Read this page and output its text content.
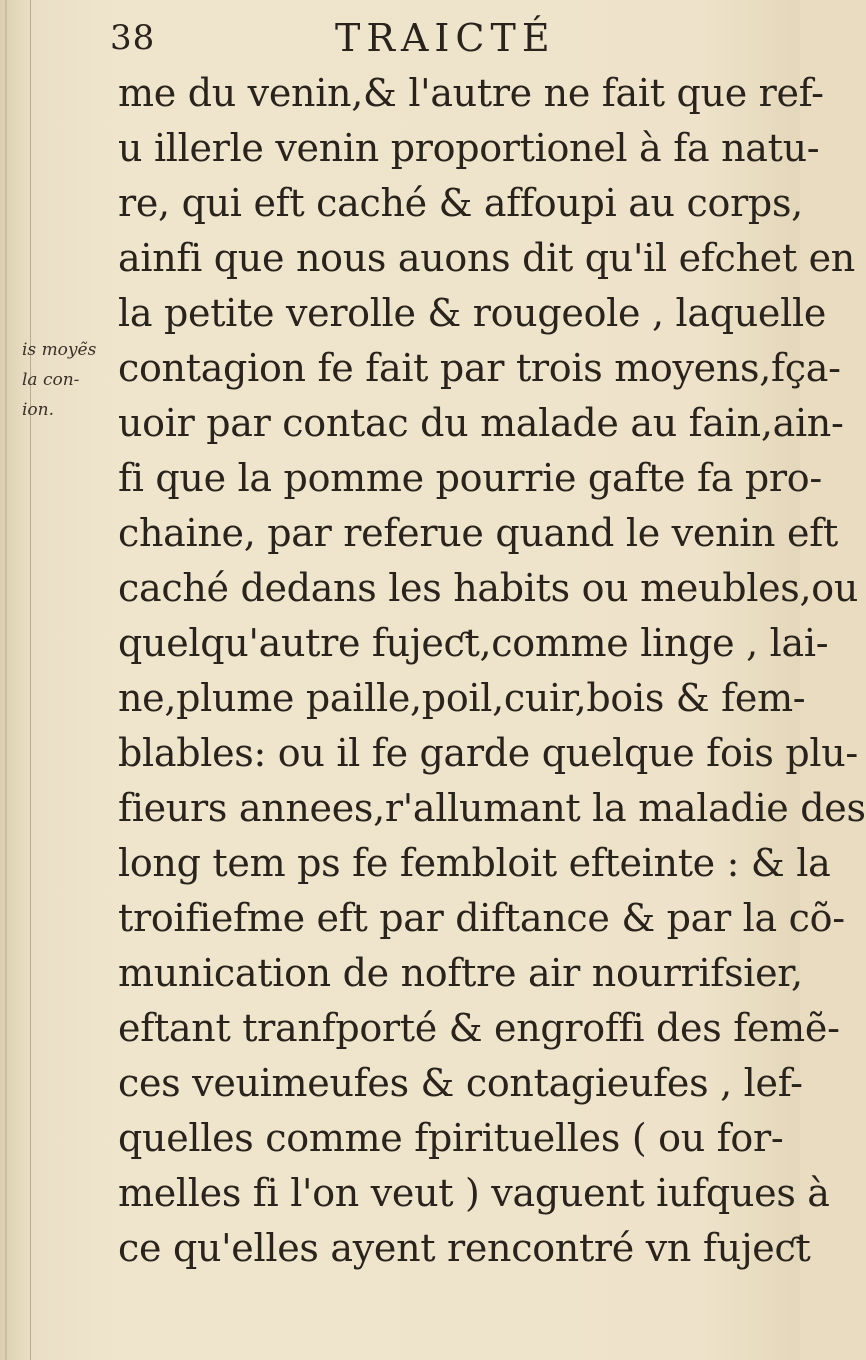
38	TRAICTÉ
is moyẽs
la con-
ion.
me du venin,& l'autre ne fait que ref-
u illerle venin proportionel à fa natu-
re, qui eft caché & affoupi au corps,
ainfi que nous auons dit qu'il efchet en
la petite verolle & rougeole , laquelle
contagion fe fait par trois moyens,fça-
uoir par contac du malade au fain,ain-
fi que la pomme pourrie gafte fa pro-
chaine, par referue quand le venin eft
caché dedans les habits ou meubles,ou
quelqu'autre fujeƈt,comme linge , lai-
ne,plume paille,poil,cuir,bois & fem-
blables: ou il fe garde quelque fois plu-
fieurs annees,r'allumant la maladie des
long tem ps fe fembloit efteinte : & la
troifiefme eft par diftance & par la cõ-
munication de noftre air nourrifsier,
eftant tranfporté & engroffi des femẽ-
ces veuimeufes & contagieufes , lef-
quelles comme fpirituelles ( ou for-
melles fi l'on veut ) vaguent iufques à
ce qu'elles ayent rencontré vn fujeƈt
